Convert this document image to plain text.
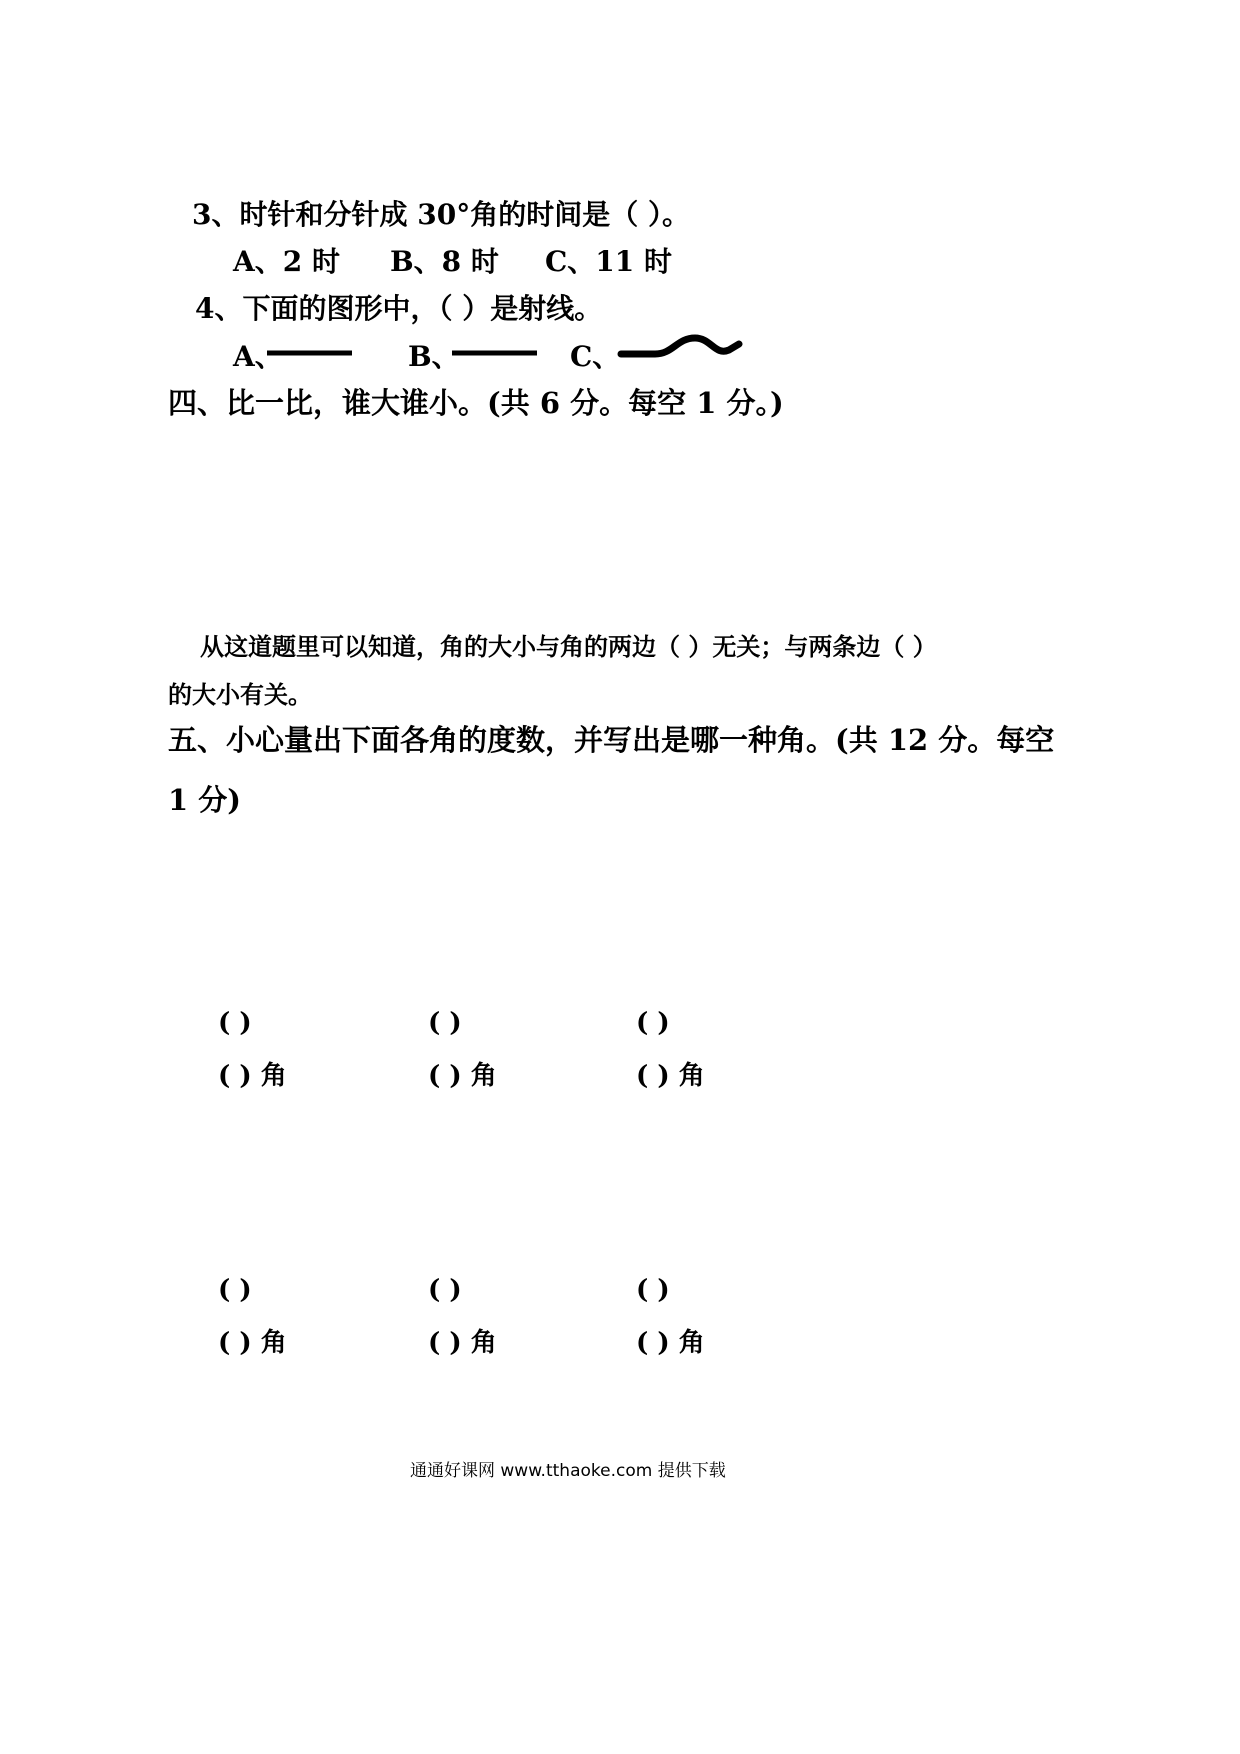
3、时针和分针成 30°角的时间是（ ）。
A、2 时 B、8 时 C、11 时
4、下面的图形中，（ ）是射线。
A、	B、	C、
四、比一比，谁大谁小。(共 6 分。每空 1 分。)
从这道题里可以知道，角的大小与角的两边（ ）无关；与两条边（ ）
的大小有关。
五、小心量出下面各角的度数，并写出是哪一种角。(共 12 分。每空
1 分)
( )	( )	( )
( ) 角	( ) 角	( ) 角
( )	( )	( )
( ) 角	( ) 角	( ) 角
通通好课网 www.tthaoke.com 提供下载
